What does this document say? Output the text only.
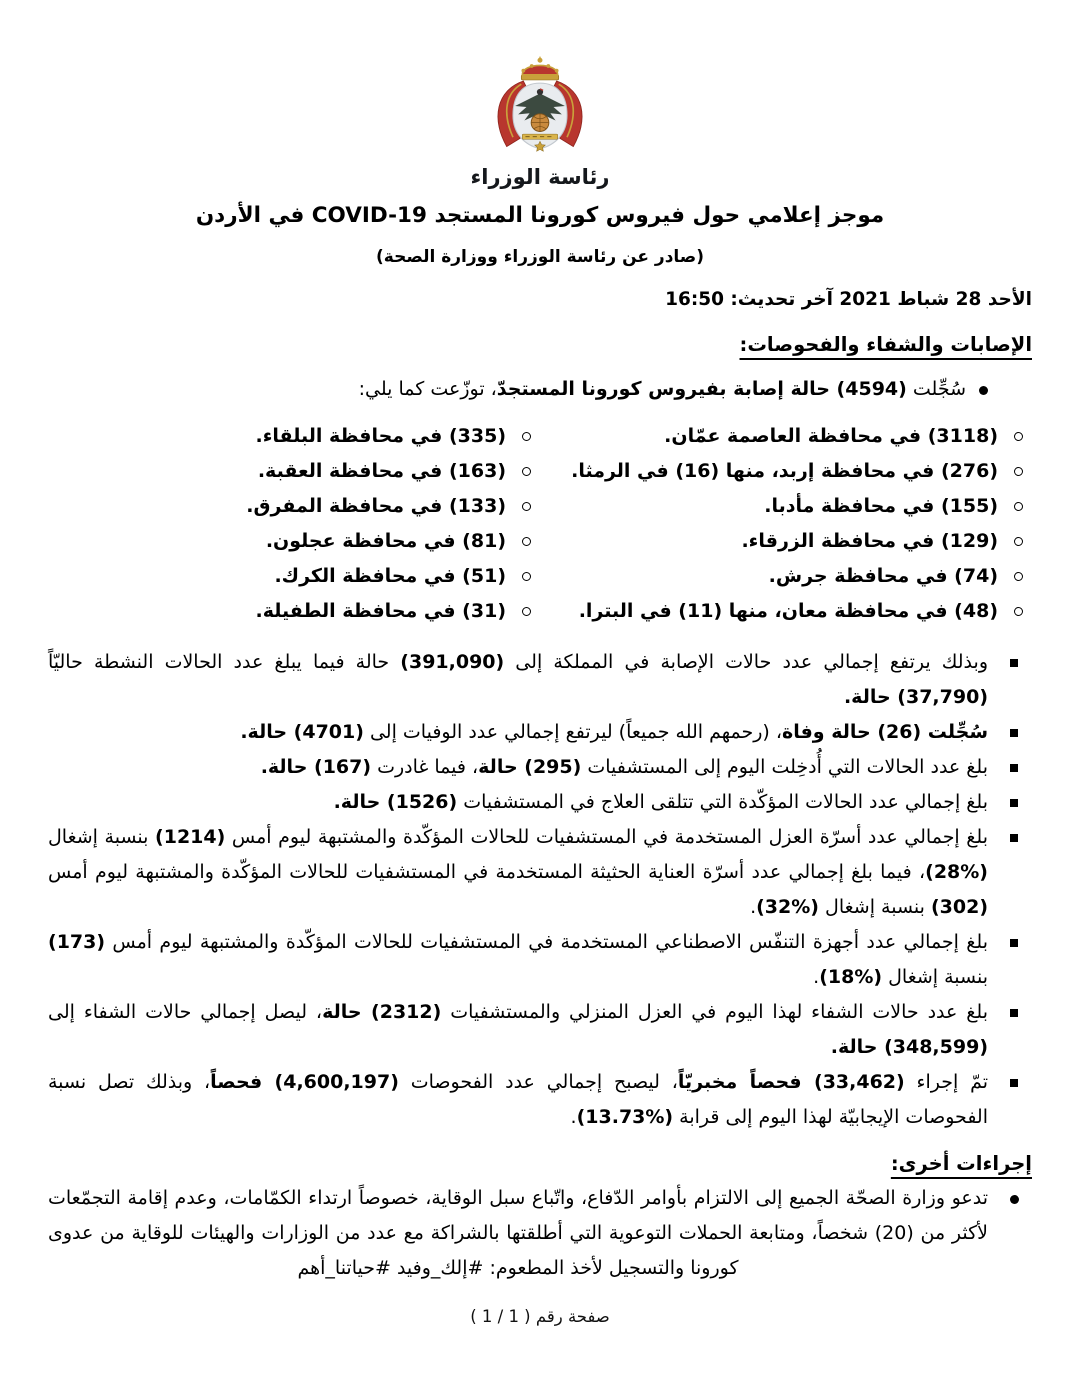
رئاسة الوزراء
موجز إعلامي حول فيروس كورونا المستجد COVID-19 في الأردن
(صادر عن رئاسة الوزراء ووزارة الصحة)
الأحد 28 شباط 2021 آخر تحديث: 16:50
الإصابات والشفاء والفحوصات:
سُجِّلت (4594) حالة إصابة بفيروس كورونا المستجدّ، توزّعت كما يلي:
(3118) في محافظة العاصمة عمّان.
(335) في محافظة البلقاء.
(276) في محافظة إربد، منها (16) في الرمثا.
(163) في محافظة العقبة.
(155) في محافظة مأدبا.
(133) في محافظة المفرق.
(129) في محافظة الزرقاء.
(81) في محافظة عجلون.
(74) في محافظة جرش.
(51) في محافظة الكرك.
(48) في محافظة معان، منها (11) في البترا.
(31) في محافظة الطفيلة.
وبذلك يرتفع إجمالي عدد حالات الإصابة في المملكة إلى (391,090) حالة فيما يبلغ عدد الحالات النشطة حاليّاً (37,790) حالة.
سُجِّلت (26) حالة وفاة، (رحمهم الله جميعاً) ليرتفع إجمالي عدد الوفيات إلى (4701) حالة.
بلغ عدد الحالات التي أُدخِلت اليوم إلى المستشفيات (295) حالة، فيما غادرت (167) حالة.
بلغ إجمالي عدد الحالات المؤكّدة التي تتلقى العلاج في المستشفيات (1526) حالة.
بلغ إجمالي عدد أسرّة العزل المستخدمة في المستشفيات للحالات المؤكّدة والمشتبهة ليوم أمس (1214) بنسبة إشغال (%28)، فيما بلغ إجمالي عدد أسرّة العناية الحثيثة المستخدمة في المستشفيات للحالات المؤكّدة والمشتبهة ليوم أمس (302) بنسبة إشغال (%32).
بلغ إجمالي عدد أجهزة التنفّس الاصطناعي المستخدمة في المستشفيات للحالات المؤكّدة والمشتبهة ليوم أمس (173) بنسبة إشغال (%18).
بلغ عدد حالات الشفاء لهذا اليوم في العزل المنزلي والمستشفيات (2312) حالة، ليصل إجمالي حالات الشفاء إلى (348,599) حالة.
تمّ إجراء (33,462) فحصاً مخبريّاً، ليصبح إجمالي عدد الفحوصات (4,600,197) فحصاً، وبذلك تصل نسبة الفحوصات الإيجابيّة لهذا اليوم إلى قرابة (%13.73).
إجراءات أخرى:
تدعو وزارة الصحّة الجميع إلى الالتزام بأوامر الدّفاع، واتّباع سبل الوقاية، خصوصاً ارتداء الكمّامات، وعدم إقامة التجمّعات لأكثر من (20) شخصاً، ومتابعة الحملات التوعوية التي أطلقتها بالشراكة مع عدد من الوزارات والهيئات للوقاية من عدوى كورونا والتسجيل لأخذ المطعوم: #إلك_وفيد #حياتنا_أهم
صفحة رقم ( 1 / 1 )
